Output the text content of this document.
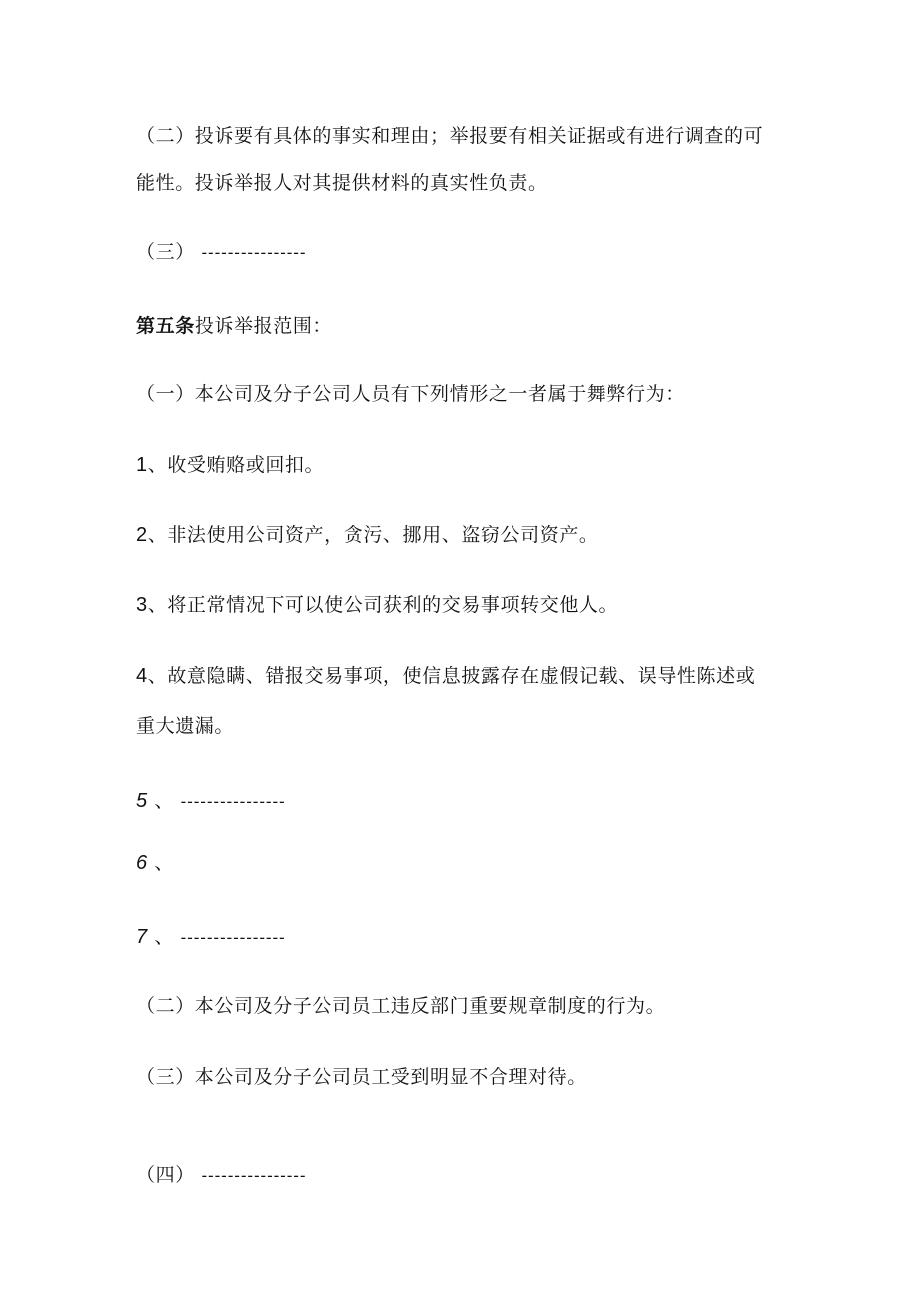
（二）投诉要有具体的事实和理由；举报要有相关证据或有进行调查的可
能性。投诉举报人对其提供材料的真实性负责。
（三） ----------------
第五条投诉举报范围：
（一）本公司及分子公司人员有下列情形之一者属于舞弊行为：
1、收受贿赂或回扣。
2、非法使用公司资产，贪污、挪用、盗窃公司资产。
3、将正常情况下可以使公司获利的交易事项转交他人。
4、故意隐瞒、错报交易事项，使信息披露存在虚假记载、误导性陈述或
重大遗漏。
5 、 ----------------
6 、
7 、 ----------------
（二）本公司及分子公司员工违反部门重要规章制度的行为。
（三）本公司及分子公司员工受到明显不合理对待。
（四） ----------------
